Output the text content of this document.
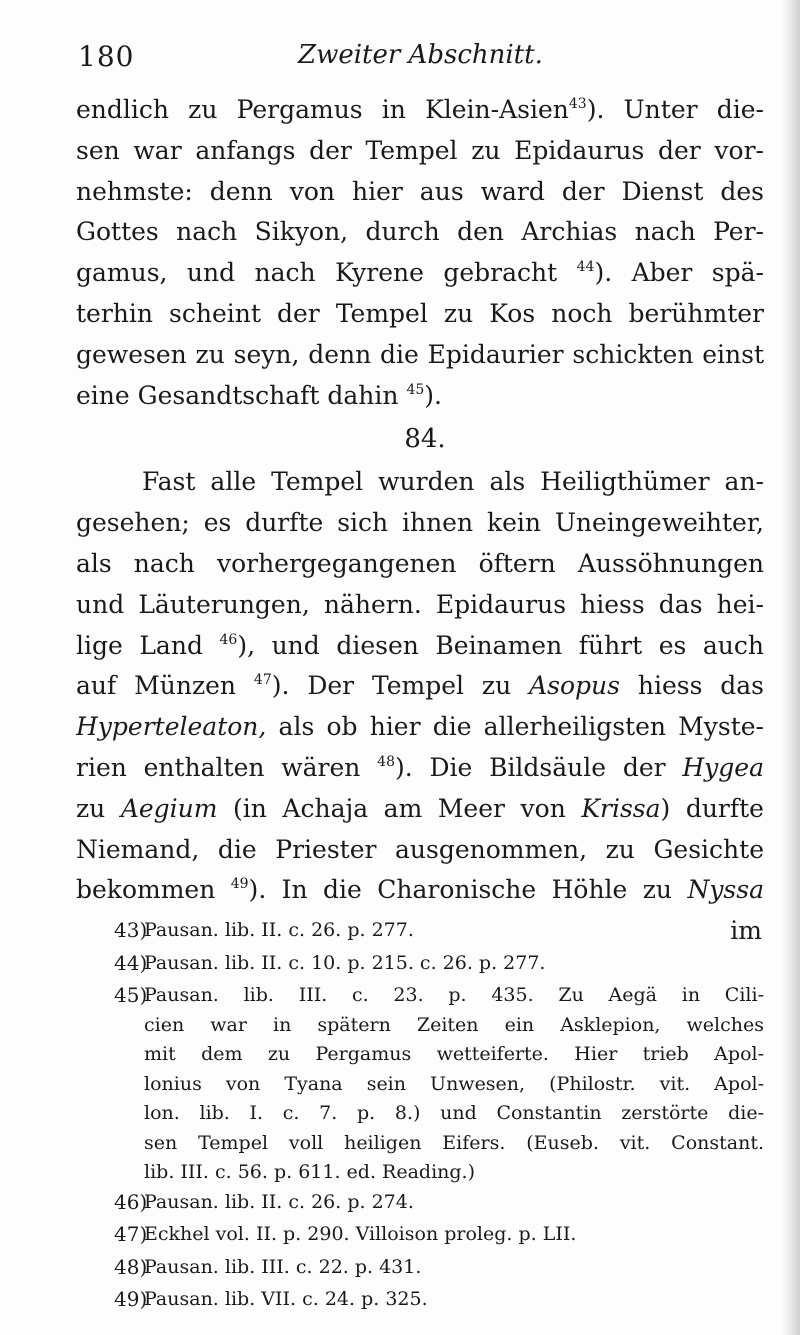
180	Zweiter Abschnitt.
endlich zu Pergamus in Klein-Asien$^{43}$). Unter die-
sen war anfangs der Tempel zu Epidaurus der vor-
nehmste: denn von hier aus ward der Dienst des
Gottes nach Sikyon, durch den Archias nach Per-
gamus, und nach Kyrene gebracht $^{44}$). Aber spä-
terhin scheint der Tempel zu Kos noch berühmter
gewesen zu seyn, denn die Epidaurier schickten einst
eine Gesandtschaft dahin $^{45}$).
84.
Fast alle Tempel wurden als Heiligthümer an-
gesehen; es durfte sich ihnen kein Uneingeweihter,
als nach vorhergegangenen öftern Aussöhnungen
und Läuterungen, nähern. Epidaurus hiess das hei-
lige Land $^{46}$), und diesen Beinamen führt es auch
auf Münzen $^{47}$). Der Tempel zu Asopus hiess das
Hyperteleaton, als ob hier die allerheiligsten Myste-
rien enthalten wären $^{48}$). Die Bildsäule der Hygea
zu Aegium (in Achaja am Meer von Krissa) durfte
Niemand, die Priester ausgenommen, zu Gesichte
bekommen $^{49}$). In die Charonische Höhle zu Nyssa
im
43)
Pausan. lib. II. c. 26. p. 277.
44)
Pausan. lib. II. c. 10. p. 215. c. 26. p. 277.
45)
Pausan. lib. III. c. 23. p. 435. Zu Aegä in Cili-
cien war in spätern Zeiten ein Asklepion, welches
mit dem zu Pergamus wetteiferte. Hier trieb Apol-
lonius von Tyana sein Unwesen, (Philostr. vit. Apol-
lon. lib. I. c. 7. p. 8.) und Constantin zerstörte die-
sen Tempel voll heiligen Eifers. (Euseb. vit. Constant.
lib. III. c. 56. p. 611. ed. Reading.)
46)
Pausan. lib. II. c. 26. p. 274.
47)
Eckhel vol. II. p. 290. Villoison proleg. p. LII.
48)
Pausan. lib. III. c. 22. p. 431.
49)
Pausan. lib. VII. c. 24. p. 325.
